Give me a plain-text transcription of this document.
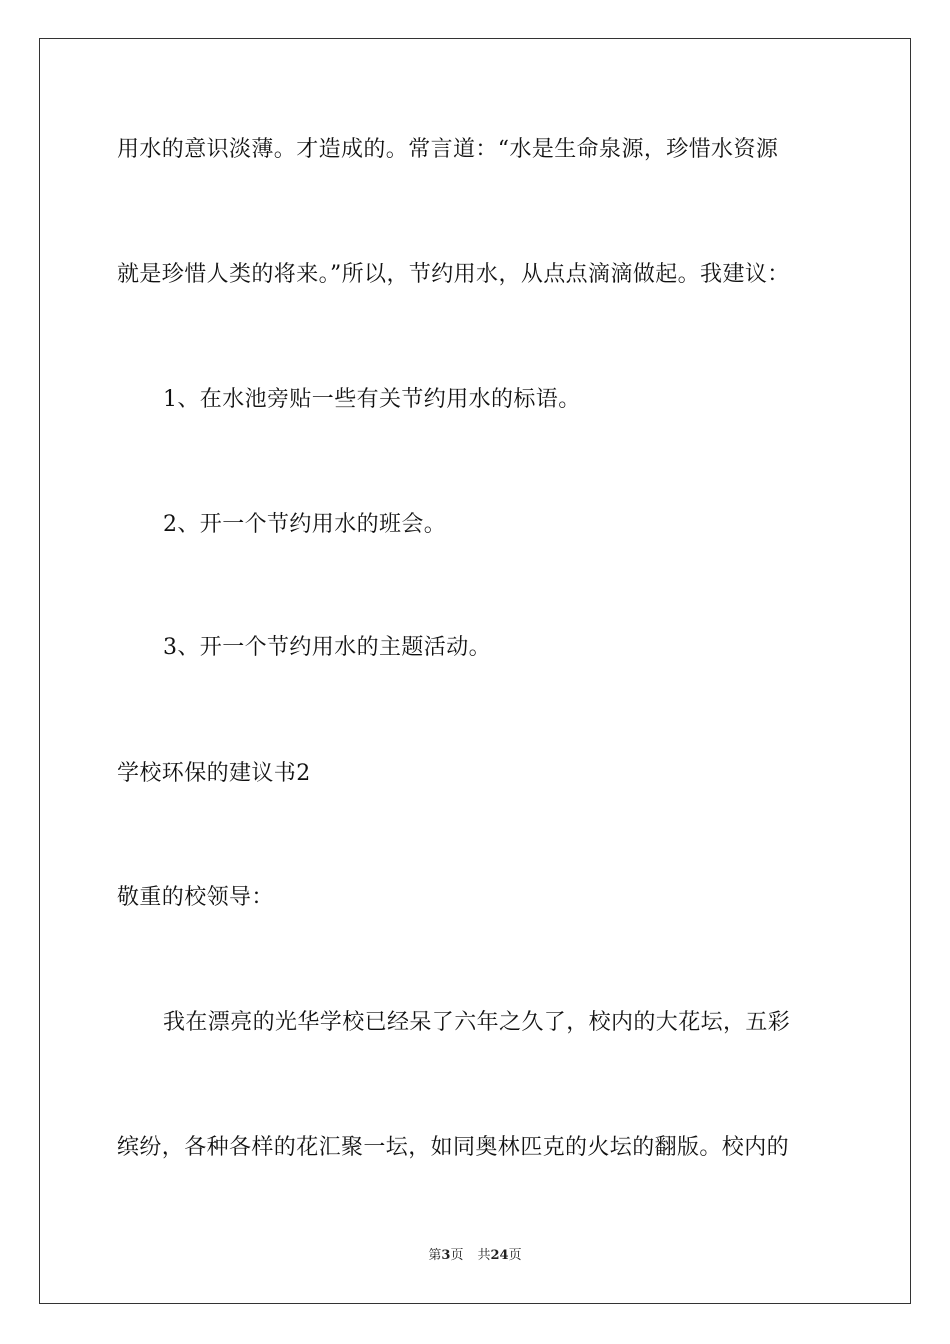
用水的意识淡薄。才造成的。常言道：“水是生命泉源，珍惜水资源
就是珍惜人类的将来。”所以，节约用水，从点点滴滴做起。我建议：
1、在水池旁贴一些有关节约用水的标语。
2、开一个节约用水的班会。
3、开一个节约用水的主题活动。
学校环保的建议书2
敬重的校领导：
我在漂亮的光华学校已经呆了六年之久了，校内的大花坛，五彩
缤纷，各种各样的花汇聚一坛，如同奥林匹克的火坛的翻版。校内的
第3页 共24页
